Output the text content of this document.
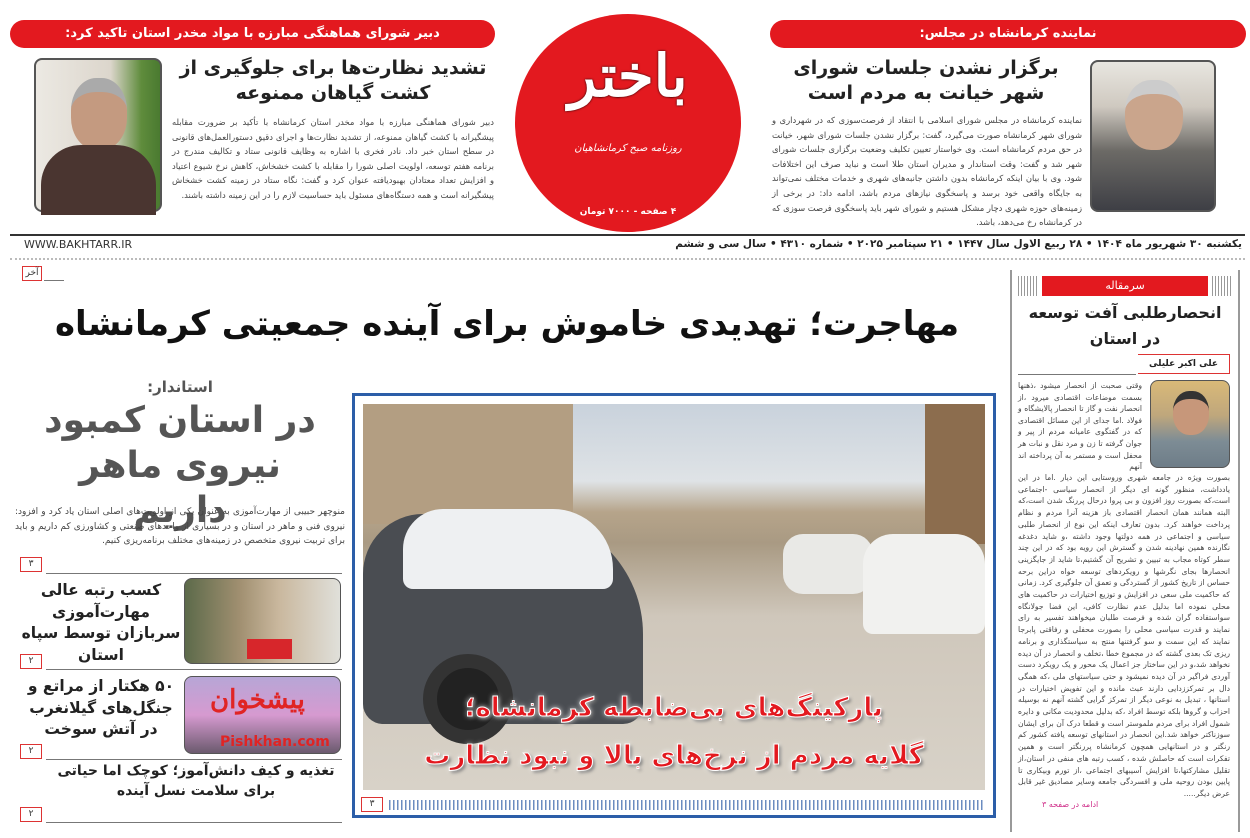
نماینده کرمانشاه در مجلس:
برگزار نشدن جلسات شورای شهر خیانت به مردم است
نماینده کرمانشاه در مجلس شورای اسلامی با انتقاد از فرصت‌سوزی که در شهرداری و شورای شهر کرمانشاه صورت می‌گیرد، گفت: برگزار نشدن جلسات شورای شهر، خیانت در حق مردم کرمانشاه است. وی خواستار تعیین تکلیف وضعیت برگزاری جلسات شورای شهر شد و گفت: وقت استاندار و مدیران استان طلا است و نباید صرف این اختلافات شود. وی با بیان اینکه کرمانشاه بدون داشتن جانبه‌های شهری و خدمات مختلف نمی‌تواند به جایگاه واقعی خود برسد و پاسخگوی نیازهای مردم باشد، ادامه داد: در برخی از زمینه‌های حوزه شهری دچار مشکل هستیم و شورای شهر باید پاسخگوی فرصت سوزی که در کرمانشاه رخ می‌دهد، باشد.
دبیر شورای هماهنگی مبارزه با مواد مخدر استان تاکید کرد:
تشدید نظارت‌ها برای جلوگیری از کشت گیاهان ممنوعه
دبیر شورای هماهنگی مبارزه با مواد مخدر استان کرمانشاه با تأکید بر ضرورت مقابله پیشگیرانه با کشت گیاهان ممنوعه، از تشدید نظارت‌ها و اجرای دقیق دستورالعمل‌های قانونی در سطح استان خبر داد. نادر فخری با اشاره به وظایف قانونی ستاد و تکالیف مندرج در برنامه هفتم توسعه، اولویت اصلی شورا را مقابله با کشت خشخاش، کاهش نرخ شیوع اعتیاد و افزایش تعداد معتادان بهبودیافته عنوان کرد و گفت: نگاه ستاد در زمینه کشت خشخاش پیشگیرانه است و همه دستگاه‌های مسئول باید حساسیت لازم را در این زمینه داشته باشند.
باختر
روزنامه صبح کرمانشاهیان
۴ صفحه - ۷۰۰۰ تومان
یکشنبه ۳۰ شهریور ماه ۱۴۰۴ • ۲۸ ربیع الاول سال ۱۴۴۷ • ۲۱ سپتامبر ۲۰۲۵ • شماره ۴۳۱۰ • سال سی و ششم
WWW.BAKHTARR.IR
آخر
مهاجرت؛ تهدیدی خاموش برای آینده جمعیتی کرمانشاه
پارکینگ‌های بی‌ضابطه کرمانشاه؛
گلایه مردم از نرخ‌های بالا و نبود نظارت
۳
استاندار:
در استان کمبود نیروی ماهر داریم
منوچهر حبیبی از مهارت‌آموزی به عنوان یکی از اولویت‌های اصلی استان یاد کرد و افزود: نیروی فنی و ماهر در استان و در بسیاری از واحدهای صنعتی و کشاورزی کم داریم و باید برای تربیت نیروی متخصص در زمینه‌های مختلف برنامه‌ریزی کنیم.
۳
کسب رتبه عالی مهارت‌آموزی سربازان توسط سپاه استان
۲
پیشخوان
Pishkhan.com
۵۰ هکتار از مراتع و جنگل‌های گیلانغرب در آتش سوخت
۲
تغذیه و کیف دانش‌آموز؛ کوچک اما حیاتی برای سلامت نسل آینده
۲
سرمقاله
انحصارطلبی آفت توسعه در استان
علی اکبر علیلی
وقتی صحبت از انحصار میشود ،ذهنها بسمت موضاعات اقتصادی میرود ،از انحصار نفت و گاز تا انحصار پالایشگاه و فولاد .اما جدای از این مسائل اقتصادی که در گفتگوی عامیانه مردم از پیر و جوان گرفته تا زن و مرد نقل و نبات هر محفل است و مستمر به آن پرداخته اند آنهم
بصورت ویژه در جامعه شهری وروستایی این دیار .اما در این یادداشت، منظور گونه ای دیگر از انحصار سیاسی -اجتماعی است،که بصورت روز افزون و بی پروا درحال پررنگ شدن است،که البته همانند همان انحصار اقتصادی باز هزینه آنرا مردم و نظام پرداخت خواهند کرد. بدون تعارف اینکه این نوع از انحصار طلبی سیاسی و اجتماعی در همه دولتها وجود داشته ،و شاید دغدغه نگارنده همین نهادینه شدن و گسترش این رویه بود که در این چند سطر کوتاه مجاب به تبیین و تشریح آن گشتیم،تا شاید از جایگزینی انحصارها بجای نگرشها و رویکردهای توسعه خواه دراین برحه حساس از تاریخ کشور از گستردگی و تعمق آن جلوگیری کرد. زمانی که حاکمیت ملی سعی در افزایش و توزیع اختیارات در حاکمیت های محلی نموده اما بدلیل عدم نظارت کافی، این فضا جولانگاه سواستفاده گران شده و فرصت طلبان میخواهند تفسیر به رای نمایند و قدرت سیاسی محلی را بصورت محفلی و رفاقتی پابرجا نمایند که این سمت و سو گرفتنها منتج به سیاستگذاری و برنامه ریزی تک بعدی گشته که در مجموع خطا ،تخلف و انحصار در آن دیده نخواهد شد،و در این ساختار جز اعمال یک محور و یک رویکرد دست آوردی فراگیر در آن دیده نمیشود و حتی سیاستهای ملی ،که همگی دال بر تمرکززدایی دارند عبث مانده و این تفویض اختیارات در استانها ، تبدیل به نوعی دیگر از تمرکز گرایی گشته آنهم نه بوسیله احزاب و گروها بلکه توسط افراد ،که بدلیل محدودیت مکانی و دایره شمول افراد برای مردم ملموستر است و قطعا درک آن برای ایشان سوزناکتر خواهد شد.این انحصار در استانهای توسعه یافته کشور کم رنگتر و در استانهایی همچون کرمانشاه پررنگتر است و همین تفکرات است که حاصلش شده ، کسب رتبه های منفی در استان،از تقلیل مشارکتها،تا افزایش آسیبهای اجتماعی ،از تورم وبیکاری تا پایین بودن روحیه ملی و افسردگی جامعه وسایر مصادیق غیر قابل عرض دیگر.....
ادامه در صفحه ۳
